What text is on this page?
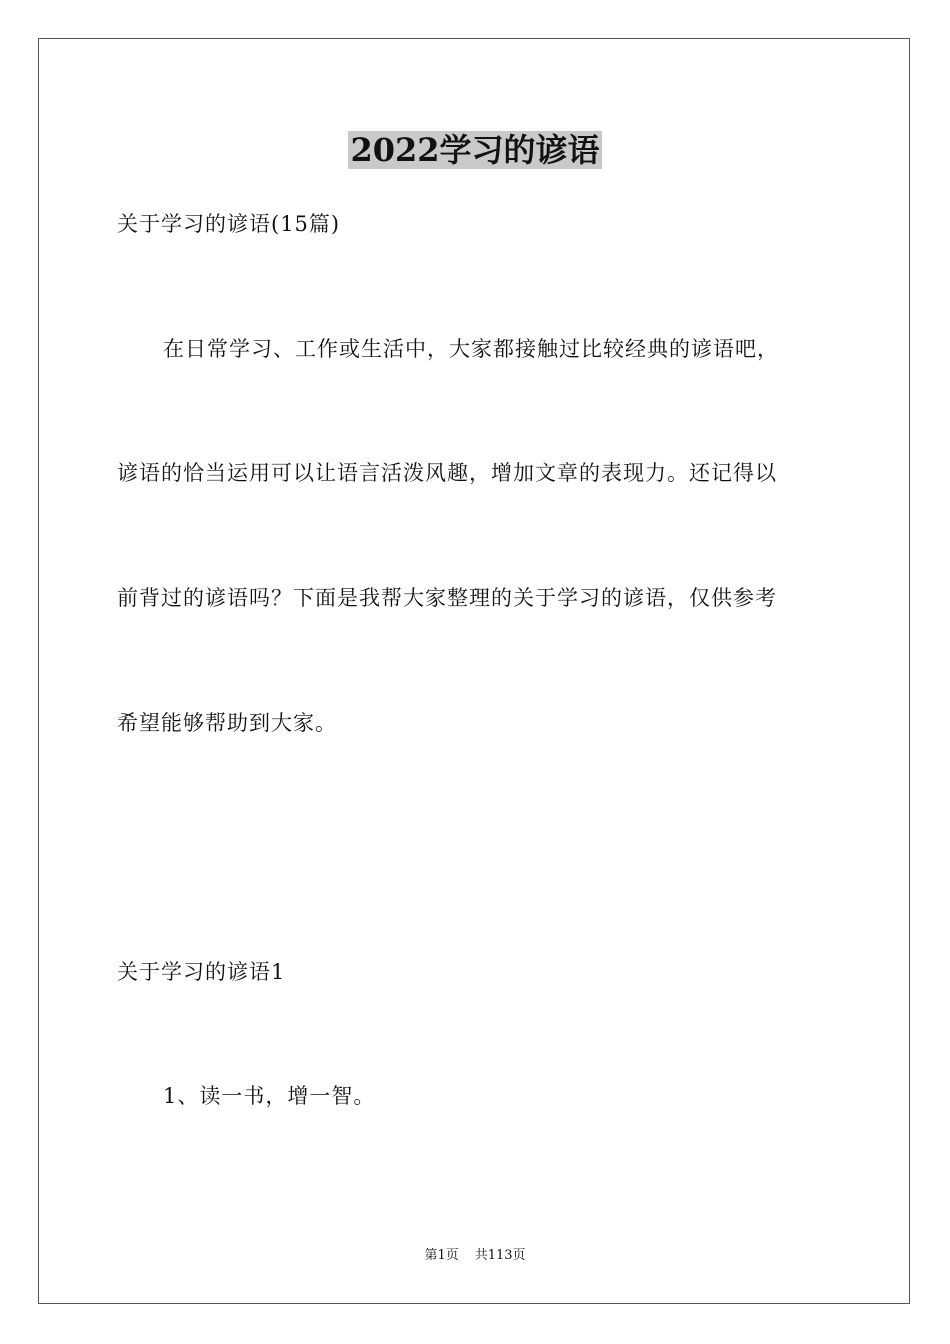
2022学习的谚语
关于学习的谚语(15篇)
在日常学习、工作或生活中，大家都接触过比较经典的谚语吧，
谚语的恰当运用可以让语言活泼风趣，增加文章的表现力。还记得以
前背过的谚语吗？下面是我帮大家整理的关于学习的谚语，仅供参考
希望能够帮助到大家。
关于学习的谚语1
1、读一书，增一智。
第1页 共113页
